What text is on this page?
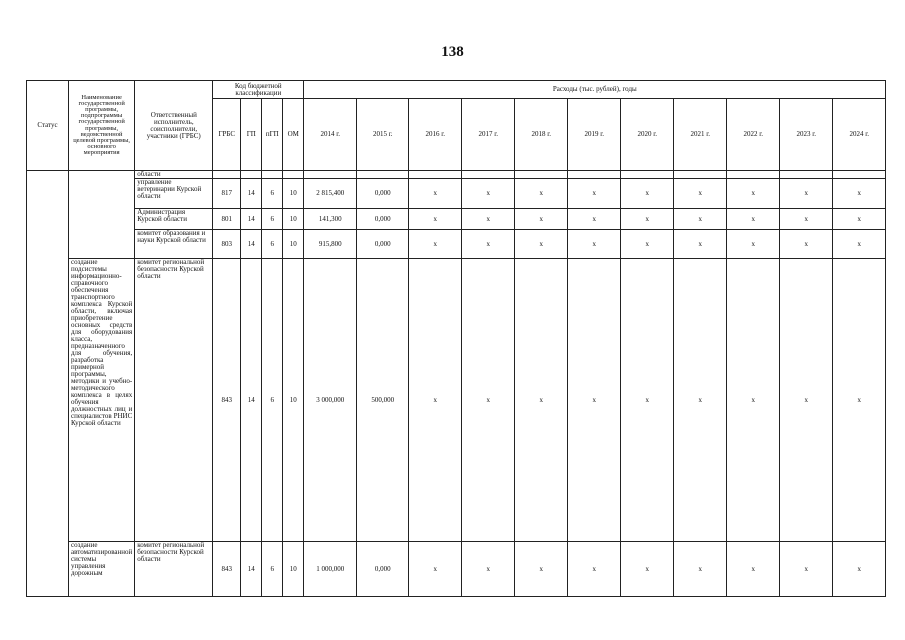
138
Статус	Наименование государственной программы, подпрограммы государственной программы, ведомственной целевой программы, основного мероприятия	Ответственный исполнитель, соисполнители, участники (ГРБС)	Код бюджетной классификации				Расходы (тыс. рублей), годы										
			ГРБС	ГП	пГП	ОМ	2014 г.	2015 г.	2016 г.	2017 г.	2018 г.	2019 г.	2020 г.	2021 г.	2022 г.	2023 г.	2024 г.
		области															
		управление ветеринарии Курской области	817	14	6	10	2 815,400	0,000	x	x	x	x	x	x	x	x	x
		Администрация Курской области	801	14	6	10	141,300	0,000	x	x	x	x	x	x	x	x	x
		комитет образования и науки Курской области	803	14	6	10	915,800	0,000	x	x	x	x	x	x	x	x	x
	создание подсистемы информационно-справочного обеспечения транспортного комплекса Курской области, включая приобретение основных средств для оборудования класса, предназначенного для обучения, разработка примерной программы, методики и учебно-методического комплекса в целях обучения должностных лиц и специалистов РНИС Курской области	комитет региональной безопасности Курской области	843	14	6	10	3 000,000	500,000	x	x	x	x	x	x	x	x	x
	создание автоматизированной системы управления дорожным	комитет региональной безопасности Курской области	843	14	6	10	1 000,000	0,000	x	x	x	x	x	x	x	x	x
